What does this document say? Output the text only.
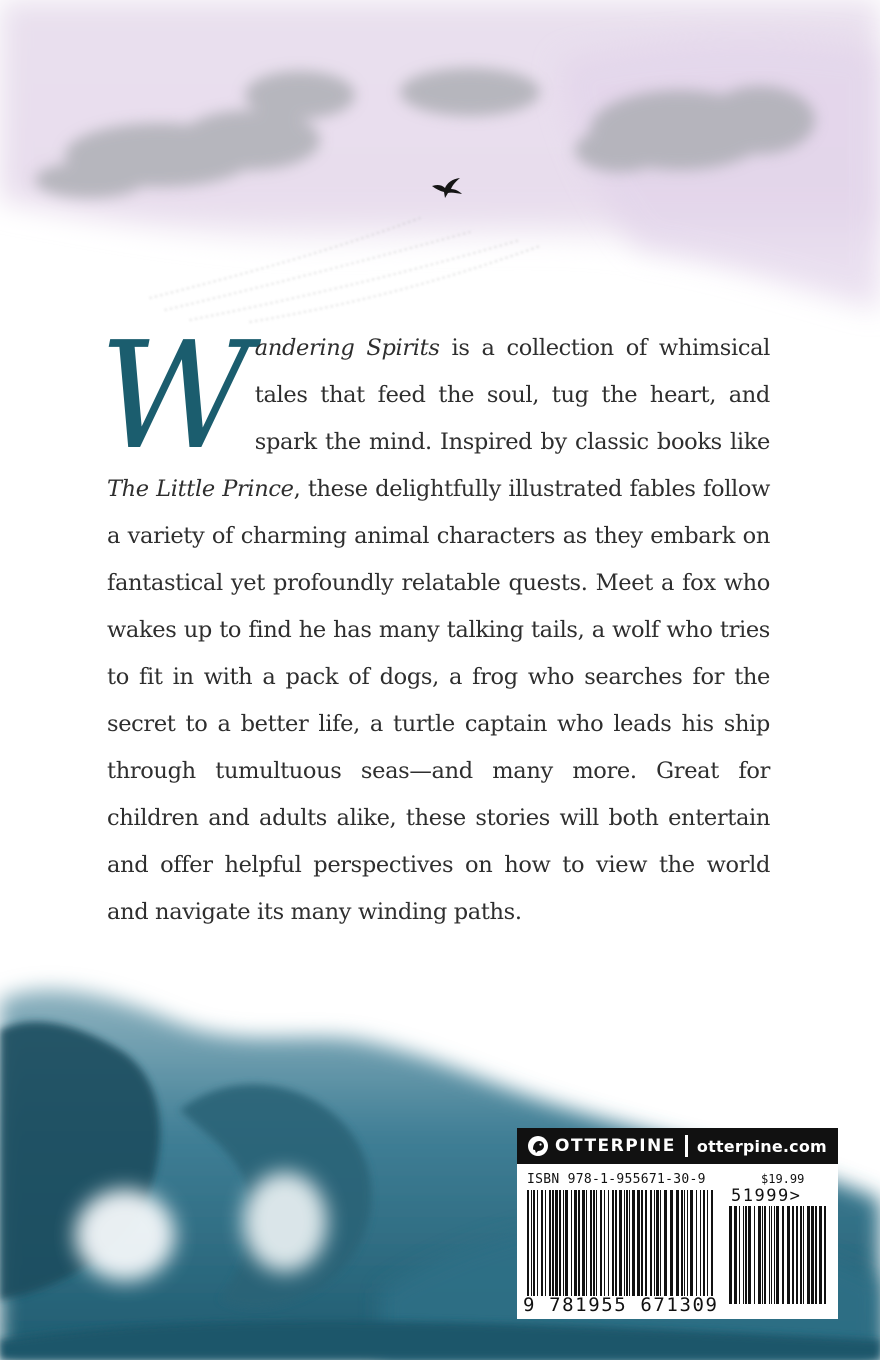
Wandering Spirits is a collection of whimsical tales that feed the soul, tug the heart, and spark the mind. Inspired by classic books like The Little Prince, these delightfully illustrated fables follow a variety of charming animal characters as they embark on fantastical yet profoundly relatable quests. Meet a fox who wakes up to find he has many talking tails, a wolf who tries to fit in with a pack of dogs, a frog who searches for the secret to a better life, a turtle captain who leads his ship through tumultuous seas—and many more. Great for children and adults alike, these stories will both entertain and offer helpful perspectives on how to view the world and navigate its many winding paths.
OTTERPINE otterpine.com
ISBN 978-1-955671-30-9	$19.99
51999>
9 781955 671309
